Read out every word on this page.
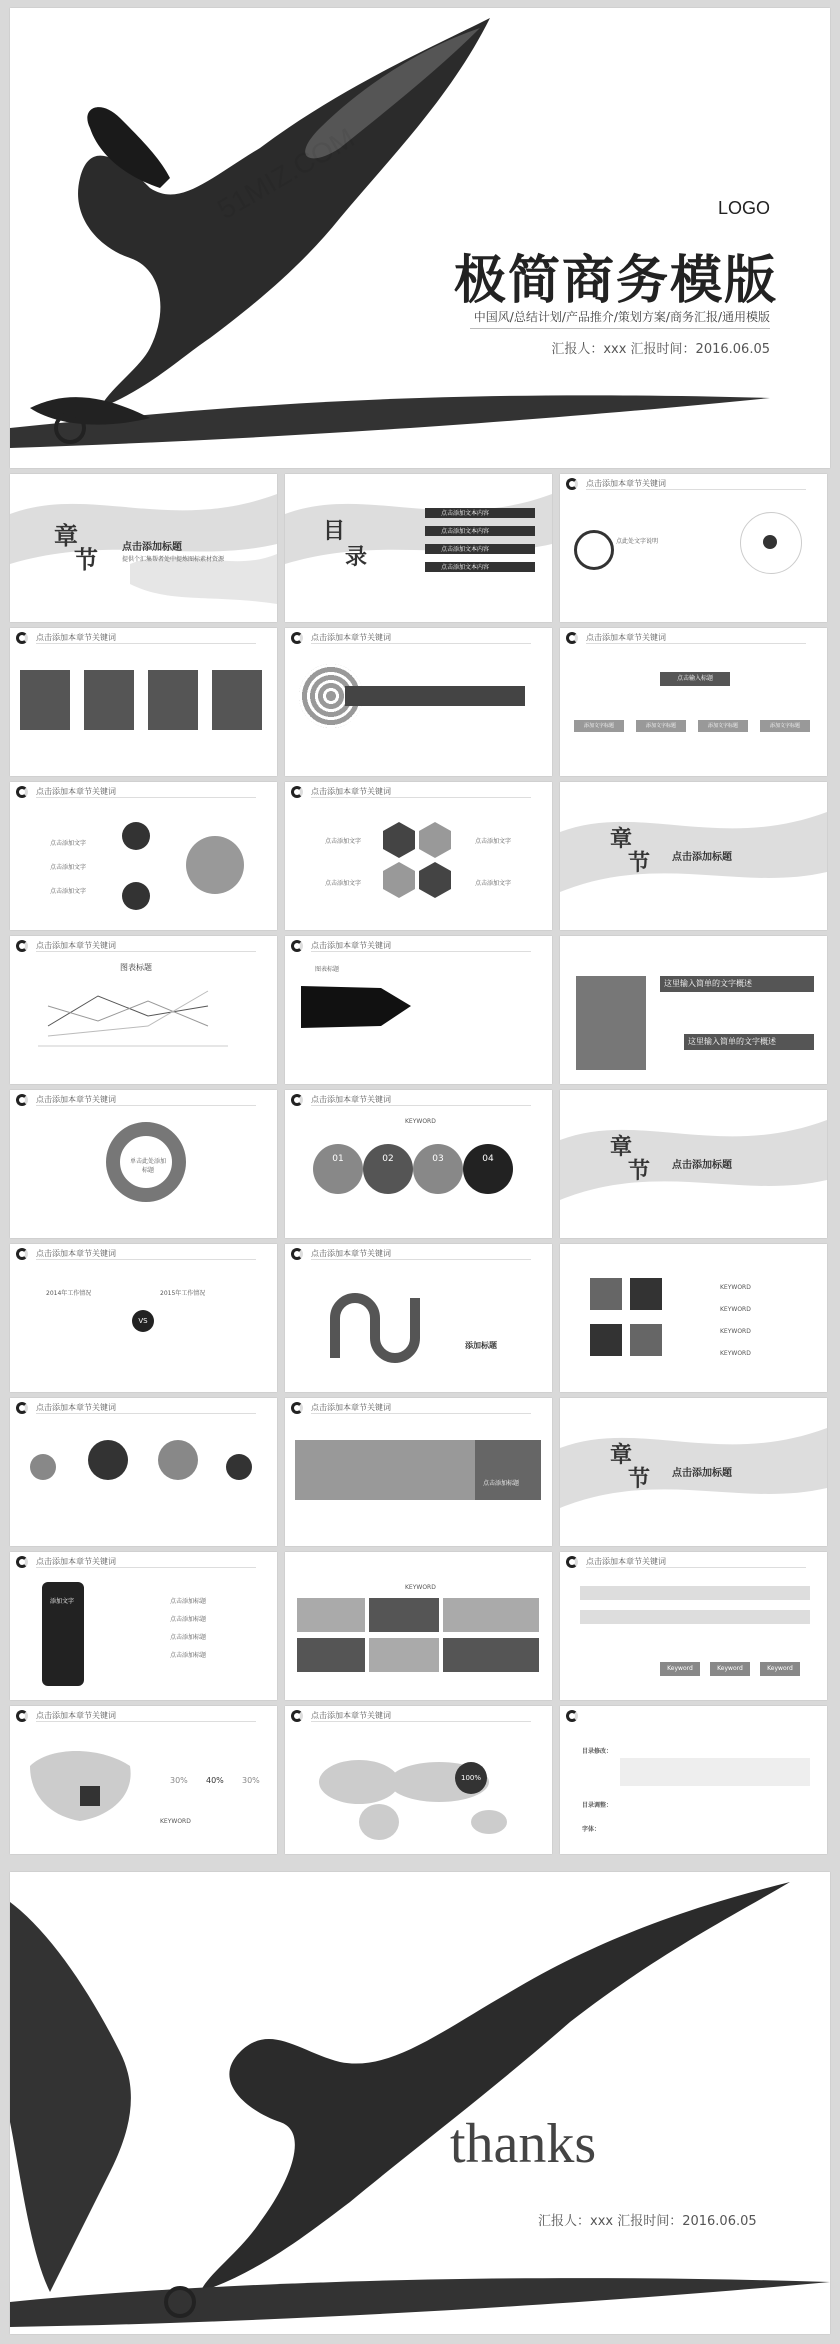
51MIZ.COM	LOGO
极简商务模版
中国风/总结计划/产品推介/策划方案/商务汇报/通用模版
汇报人：xxx 汇报时间：2016.06.05
章
节 点击添加标题
提供个汇集帮者处中提炼图标素材资源
目
录
点击添加文本内容
点击添加文本内容
点击添加文本内容
点击添加文本内容
点击添加本章节关键词
点此处文字说明
点击添加本章节关键词	点击添加本章节关键词	点击添加本章节关键词
点击输入标题
添加文字标题	添加文字标题	添加文字标题	添加文字标题
点击添加本章节关键词
点击添加文字
点击添加文字
点击添加文字
点击添加本章节关键词
点击添加文字
点击添加文字
点击添加文字
点击添加文字
章
节 点击添加标题
点击添加本章节关键词
图表标题
点击添加本章节关键词
图表标题
这里输入简单的文字概述
这里输入简单的文字概述
点击添加本章节关键词
单击此处添加标题
点击添加本章节关键词
KEYWORD
01	02	03	04	章
节 点击添加标题
点击添加本章节关键词
2014年工作情况
VS
2015年工作情况
点击添加本章节关键词
添加标题
KEYWORD
KEYWORD
KEYWORD
KEYWORD
点击添加本章节关键词	点击添加本章节关键词
点击添加标题
章
节 点击添加标题
点击添加本章节关键词
添加文字	点击添加标题
点击添加标题
点击添加标题
点击添加标题
KEYWORD
点击添加本章节关键词
Keyword	Keyword	Keyword
点击添加本章节关键词
30% 40% 30%
KEYWORD
点击添加本章节关键词
100%
目录修改：
目录调整：
字体：
thanks
汇报人：xxx 汇报时间：2016.06.05
